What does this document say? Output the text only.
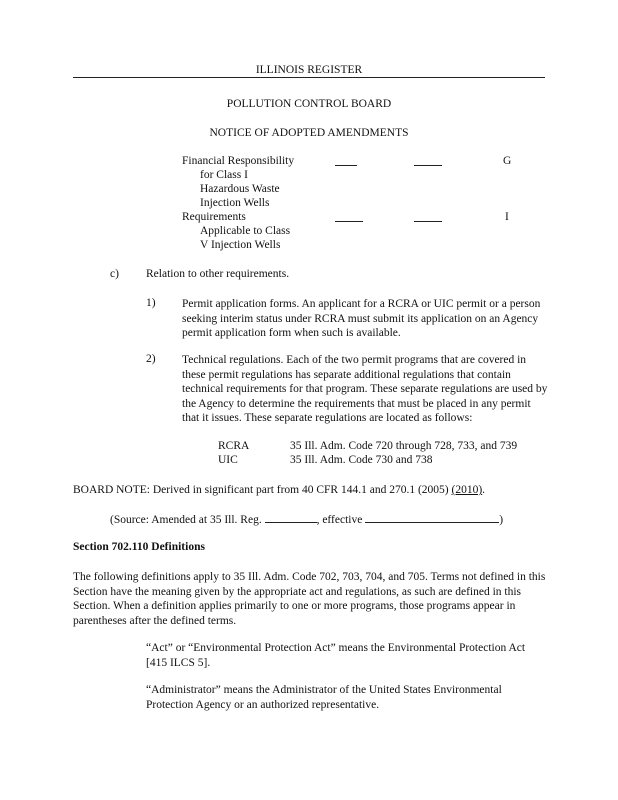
ILLINOIS REGISTER
POLLUTION CONTROL BOARD
NOTICE OF ADOPTED AMENDMENTS
Financial Responsibility
for Class I
Hazardous Waste
Injection Wells
G
Requirements
Applicable to Class
V Injection Wells
I
c) Relation to other requirements.
1) Permit application forms. An applicant for a RCRA or UIC permit or a person seeking interim status under RCRA must submit its application on an Agency permit application form when such is available.
2) Technical regulations. Each of the two permit programs that are covered in these permit regulations has separate additional regulations that contain technical requirements for that program. These separate regulations are used by the Agency to determine the requirements that must be placed in any permit that it issues. These separate regulations are located as follows:
RCRA	35 Ill. Adm. Code 720 through 728, 733, and 739
UIC	35 Ill. Adm. Code 730 and 738
BOARD NOTE: Derived in significant part from 40 CFR 144.1 and 270.1 (2005) (2010).
(Source: Amended at 35 Ill. Reg.	, effective	)
Section 702.110 Definitions
The following definitions apply to 35 Ill. Adm. Code 702, 703, 704, and 705. Terms not defined in this Section have the meaning given by the appropriate act and regulations, as such are defined in this Section. When a definition applies primarily to one or more programs, those programs appear in parentheses after the defined terms.
“Act” or “Environmental Protection Act” means the Environmental Protection Act [415 ILCS 5].
“Administrator” means the Administrator of the United States Environmental Protection Agency or an authorized representative.
